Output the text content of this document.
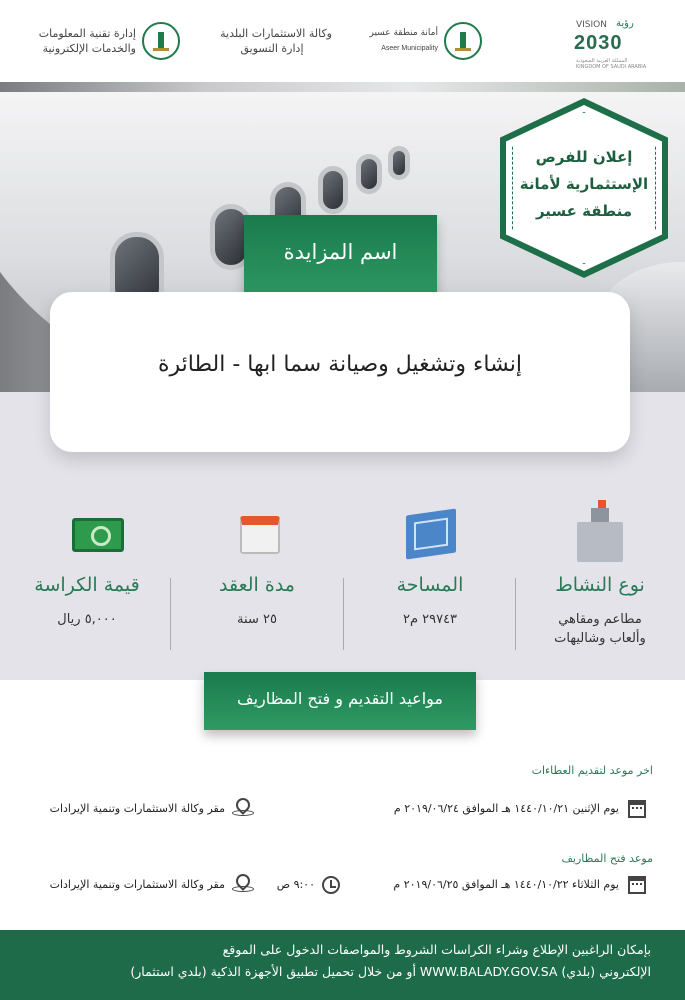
إدارة تقنية المعلومات
والخدمات الإلكترونية
وكالة الاستثمارات البلدية
إدارة التسويق
أمانة منطقة عسير
Aseer Municipality
VISION رؤية
2030
المملكة العربية السعودية
KINGDOM OF SAUDI ARABIA
إعلان للفرص
الإستثمارية لأمانة
منطقة عسير
اسم المزايدة
إنشاء وتشغيل وصيانة سما ابها - الطائرة
نوع النشاط
مطاعم ومقاهي
وألعاب وشاليهات
المساحة
٢٩٧٤٣ م٢
مدة العقد
٢٥ سنة
قيمة الكراسة
٥,٠٠٠ ريال
اخر موعد لتقديم العطاءات
يوم الإثنين ١٤٤٠/١٠/٢١ هـ الموافق ٢٠١٩/٠٦/٢٤ م
مقر وكالة الاستثمارات وتنمية الإيرادات
موعد فتح المظاريف
يوم الثلاثاء ١٤٤٠/١٠/٢٢ هـ الموافق ٢٠١٩/٠٦/٢٥ م
٩:٠٠ ص
مقر وكالة الاستثمارات وتنمية الإيرادات
مواعيد التقديم و فتح المظاريف
بإمكان الراغبين الإطلاع وشراء الكراسات الشروط والمواصفات الدخول على الموقع
الإلكتروني (بلدي) WWW.BALADY.GOV.SA أو من خلال تحميل تطبيق الأجهزة الذكية (بلدي استثمار)
